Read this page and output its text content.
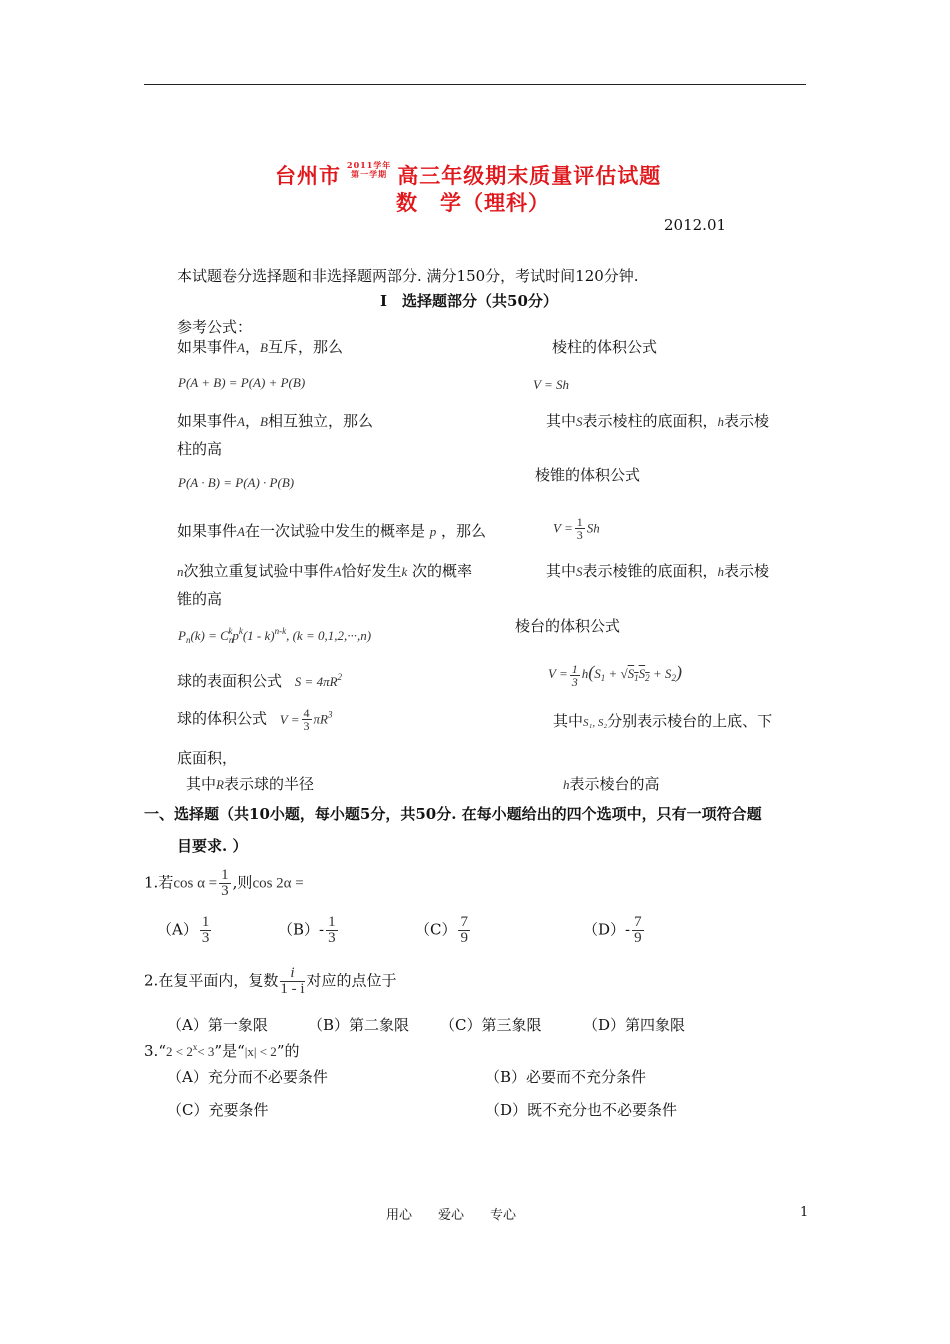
台州市 2011学年
第一学期 高三年级期末质量评估试题
数　学（理科）
2012.01
本试题卷分选择题和非选择题两部分. 满分150分，考试时间120分钟.
Ⅰ　选择题部分（共50分）
参考公式：
如果事件A，B互斥，那么
P(A + B) = P(A) + P(B)
如果事件A，B相互独立，那么
柱的高
P(A · B) = P(A) · P(B)
如果事件A在一次试验中发生的概率是 p ，那么
n次独立重复试验中事件A恰好发生k 次的概率
锥的高
$P_n(k) = C_n^kp^k(1 - k)^{n-k}$, (k = 0,1,2,···,n)
球的表面积公式 $S = 4\pi R^2$
球的体积公式 $V = \frac{4}{3} \pi R^3$
底面积，
其中R表示球的半径
棱柱的体积公式
V = Sh
其中S表示棱柱的底面积，h表示棱
棱锥的体积公式
$V = \frac{1}{3}$ Sh
其中S表示棱锥的底面积，h表示棱
棱台的体积公式
$V = \frac{1}{3} h(S_1 + √S_1S_2 + S_2)$
其中S₁, S₂分别表示棱台的上底、下
h表示棱台的高
一、选择题（共10小题，每小题5分，共50分. 在每小题给出的四个选项中，只有一项符合题
目要求. ）
1.若$\cos \alpha = \frac{1}{3}$ ,则cos 2α =
$(A) \frac{1}{3}$	$(B)- \frac{1}{3}$	$(C) \frac{7}{9}$	$(D)- \frac{7}{9}$
2.在复平面内，复数 $\frac{i}{1 - i}$ 对应的点位于
（A）第一象限	（B）第二象限 （C）第三象限	（D）第四象限
3.“2 < $2^x< 3$”是“|x| < 2”的
（A）充分而不必要条件	（B）必要而不充分条件
（C）充要条件	（D）既不充分也不必要条件
用心　　爱心　　专心	1
